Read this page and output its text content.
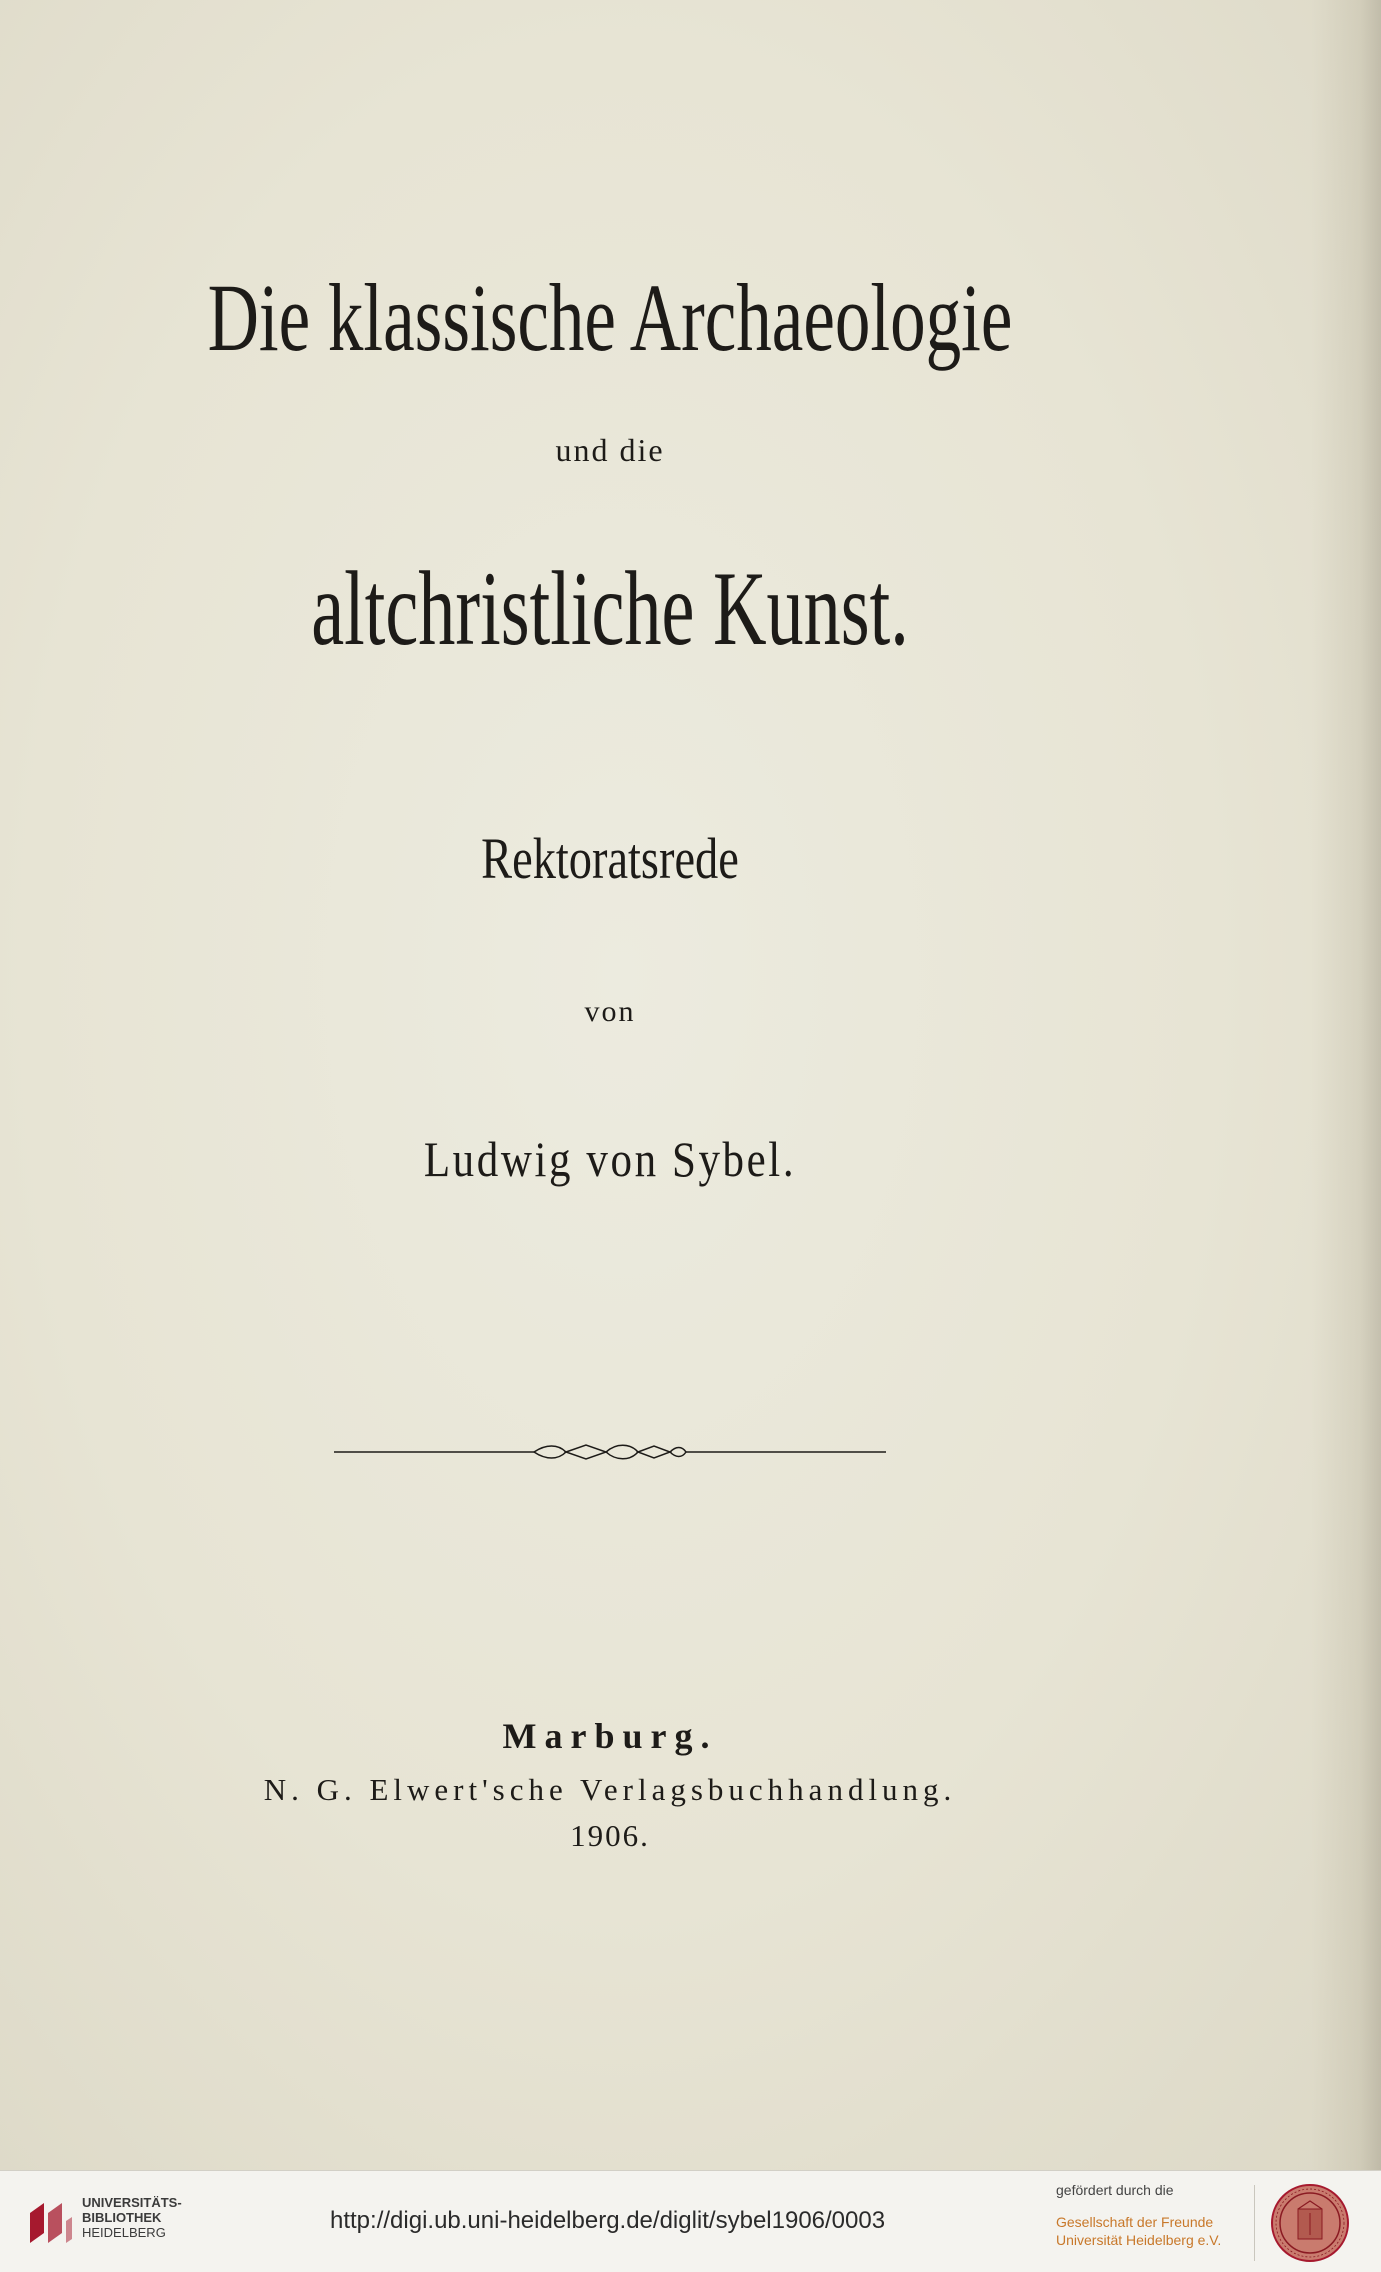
Die klassische Archaeologie
und die
altchristliche Kunst.
Rektoratsrede
von
Ludwig von Sybel.
Marburg.
N. G. Elwert'sche Verlagsbuchhandlung.
1906.
UNIVERSITÄTS-
BIBLIOTHEK
HEIDELBERG	http://digi.ub.uni-heidelberg.de/diglit/sybel1906/0003
gefördert durch die
Gesellschaft der Freunde
Universität Heidelberg e.V.
